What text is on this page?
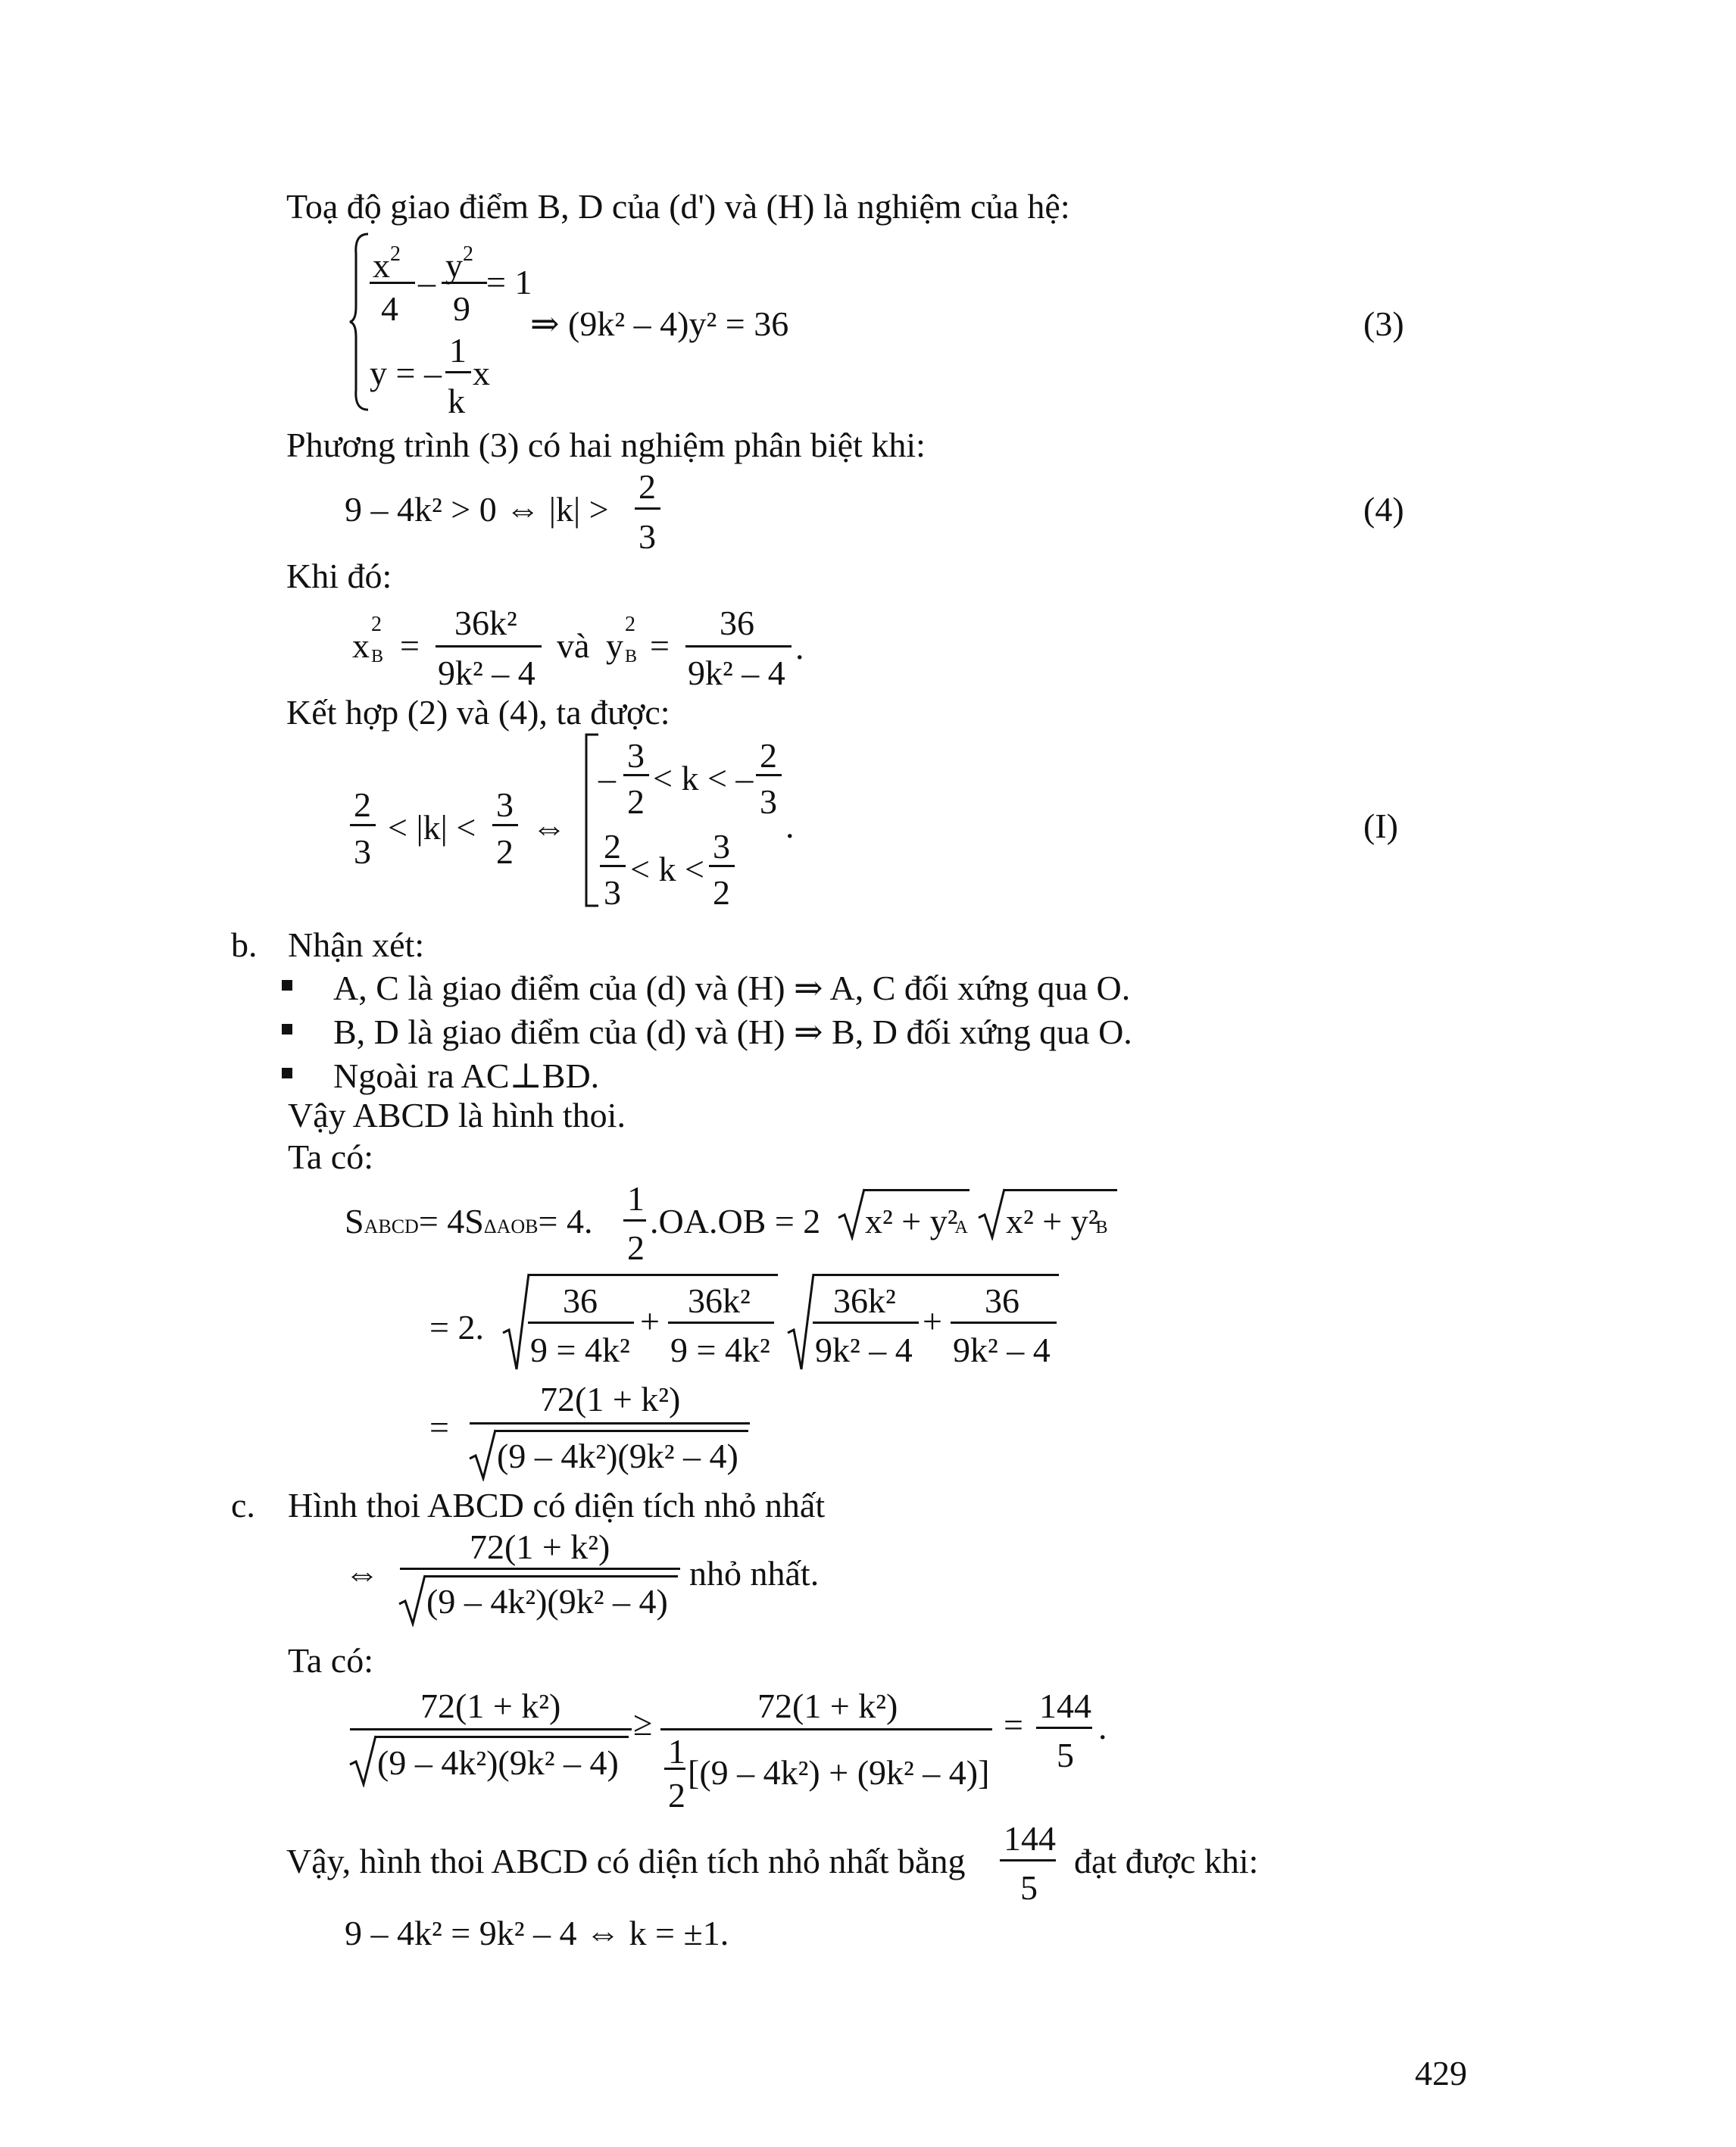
Toạ độ giao điểm B, D của (d') và (H) là nghiệm của hệ:
$x^2$
4
– $y^2$
9
= 1
⇒ (9k² – 4)y² = 36	(3)
y = –
1
k
x
Phương trình (3) có hai nghiệm phân biệt khi:
9 – 4k² > 0 ⇔ |k| >
2
3
(4)
Khi đó:
x
2
B =
36k²
9k² – 4
và y
2
B =
36
9k² – 4
.
Kết hợp (2) và (4), ta được:
2
3
< |k| <
3
2
⇔
–
3
2
< k < –
2
3
.
2
3
< k <
3
2
(I)
b. Nhận xét:
A, C là giao điểm của (d) và (H) ⇒ A, C đối xứng qua O.
B, D là giao điểm của (d) và (H) ⇒ B, D đối xứng qua O.
Ngoài ra AC⊥BD.
Vậy ABCD là hình thoi.
Ta có:
SABCD= 4SΔAOB= 4.
1
2
.OA.OB = 2 x² + y²A x² + y²B
= 2.
36
9 = 4k²
+
36k²
9 = 4k²
36k²
9k² – 4
+
36
9k² – 4
=
72(1 + k²)
(9 – 4k²)(9k² – 4)
c. Hình thoi ABCD có diện tích nhỏ nhất
⇔
72(1 + k²)
(9 – 4k²)(9k² – 4)
nhỏ nhất.
Ta có:
72(1 + k²)
(9 – 4k²)(9k² – 4)
≥	72(1 + k²)
1
2
[(9 – 4k²) + (9k² – 4)]
= 144
5
.
Vậy, hình thoi ABCD có diện tích nhỏ nhất bằng
144
5
đạt được khi:
9 – 4k² = 9k² – 4 ⇔ k = ±1.
429
